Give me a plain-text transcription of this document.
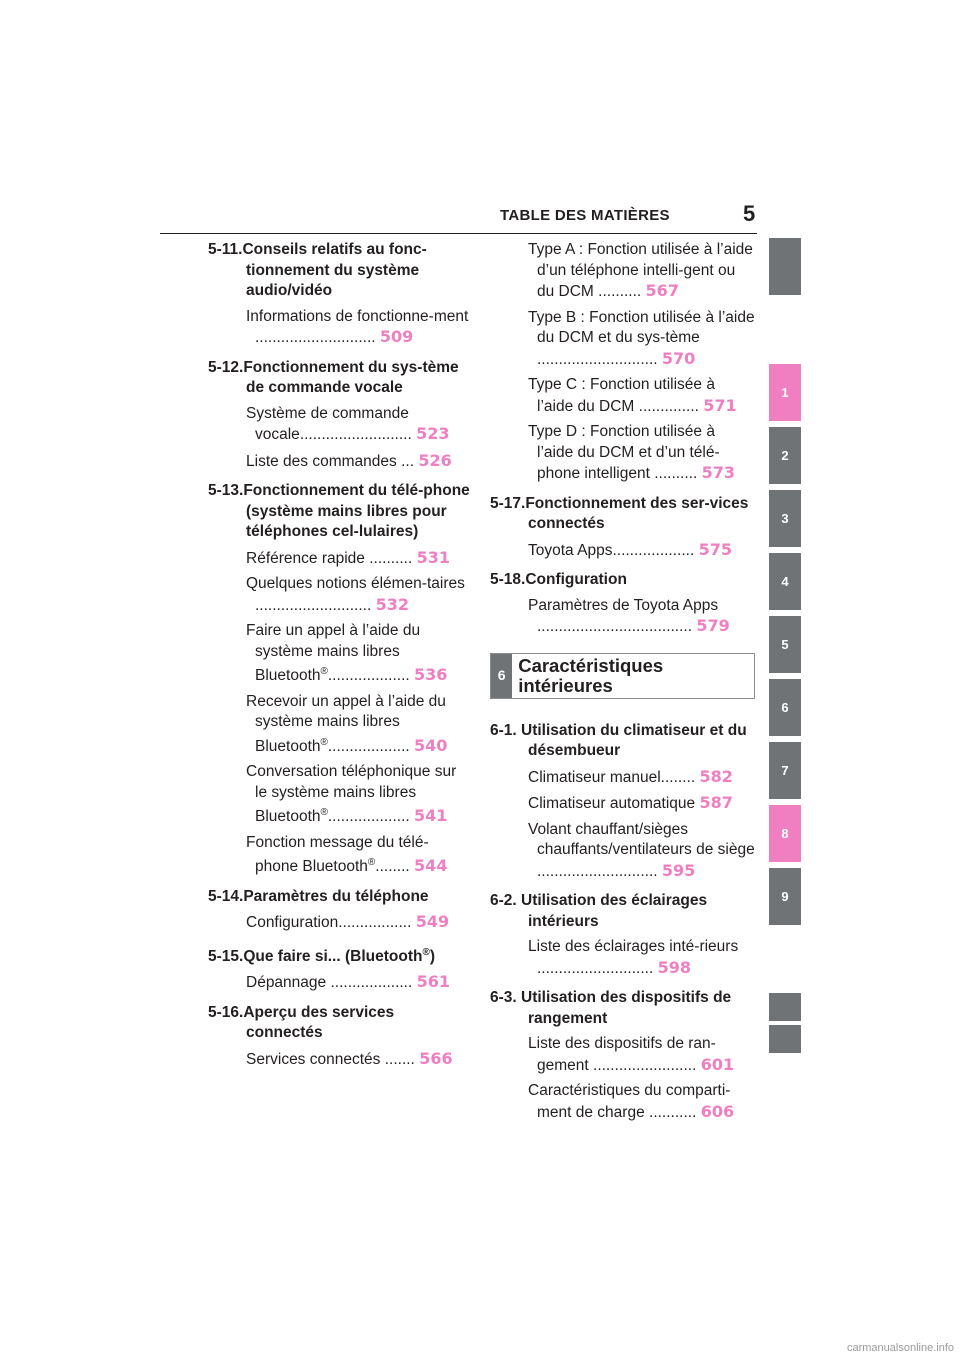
TABLE DES MATIÈRES	5
5-11.Conseils relatifs au fonc-tionnement du système audio/vidéo
Informations de fonctionne-ment ............................ 509
5-12.Fonctionnement du sys-tème de commande vocale
Système de commande vocale.......................... 523
Liste des commandes ... 526
5-13.Fonctionnement du télé-phone (système mains libres pour téléphones cel-lulaires)
Référence rapide .......... 531
Quelques notions élémen-taires ........................... 532
Faire un appel à l’aide du système mains libres Bluetooth®................... 536
Recevoir un appel à l’aide du système mains libres Bluetooth®................... 540
Conversation téléphonique sur le système mains libres Bluetooth®................... 541
Fonction message du télé-phone Bluetooth®........ 544
5-14.Paramètres du téléphone
Configuration................. 549
5-15.Que faire si... (Bluetooth®)
Dépannage ................... 561
5-16.Aperçu des services connectés
Services connectés ....... 566
Type A : Fonction utilisée à l’aide d’un téléphone intelli-gent ou du DCM .......... 567
Type B : Fonction utilisée à l’aide du DCM et du sys-tème ............................ 570
Type C : Fonction utilisée à l’aide du DCM .............. 571
Type D : Fonction utilisée à l’aide du DCM et d’un télé-phone intelligent .......... 573
5-17.Fonctionnement des ser-vices connectés
Toyota Apps................... 575
5-18.Configuration
Paramètres de Toyota Apps .................................... 579
6 Caractéristiques intérieures
6-1. Utilisation du climatiseur et du désembueur
Climatiseur manuel........ 582
Climatiseur automatique 587
Volant chauffant/sièges chauffants/ventilateurs de siège ............................ 595
6-2. Utilisation des éclairages intérieurs
Liste des éclairages inté-rieurs ........................... 598
6-3. Utilisation des dispositifs de rangement
Liste des dispositifs de ran-gement ........................ 601
Caractéristiques du comparti-ment de charge ........... 606
1
2
3
4
5
6
7
8
9
carmanualsonline.info
